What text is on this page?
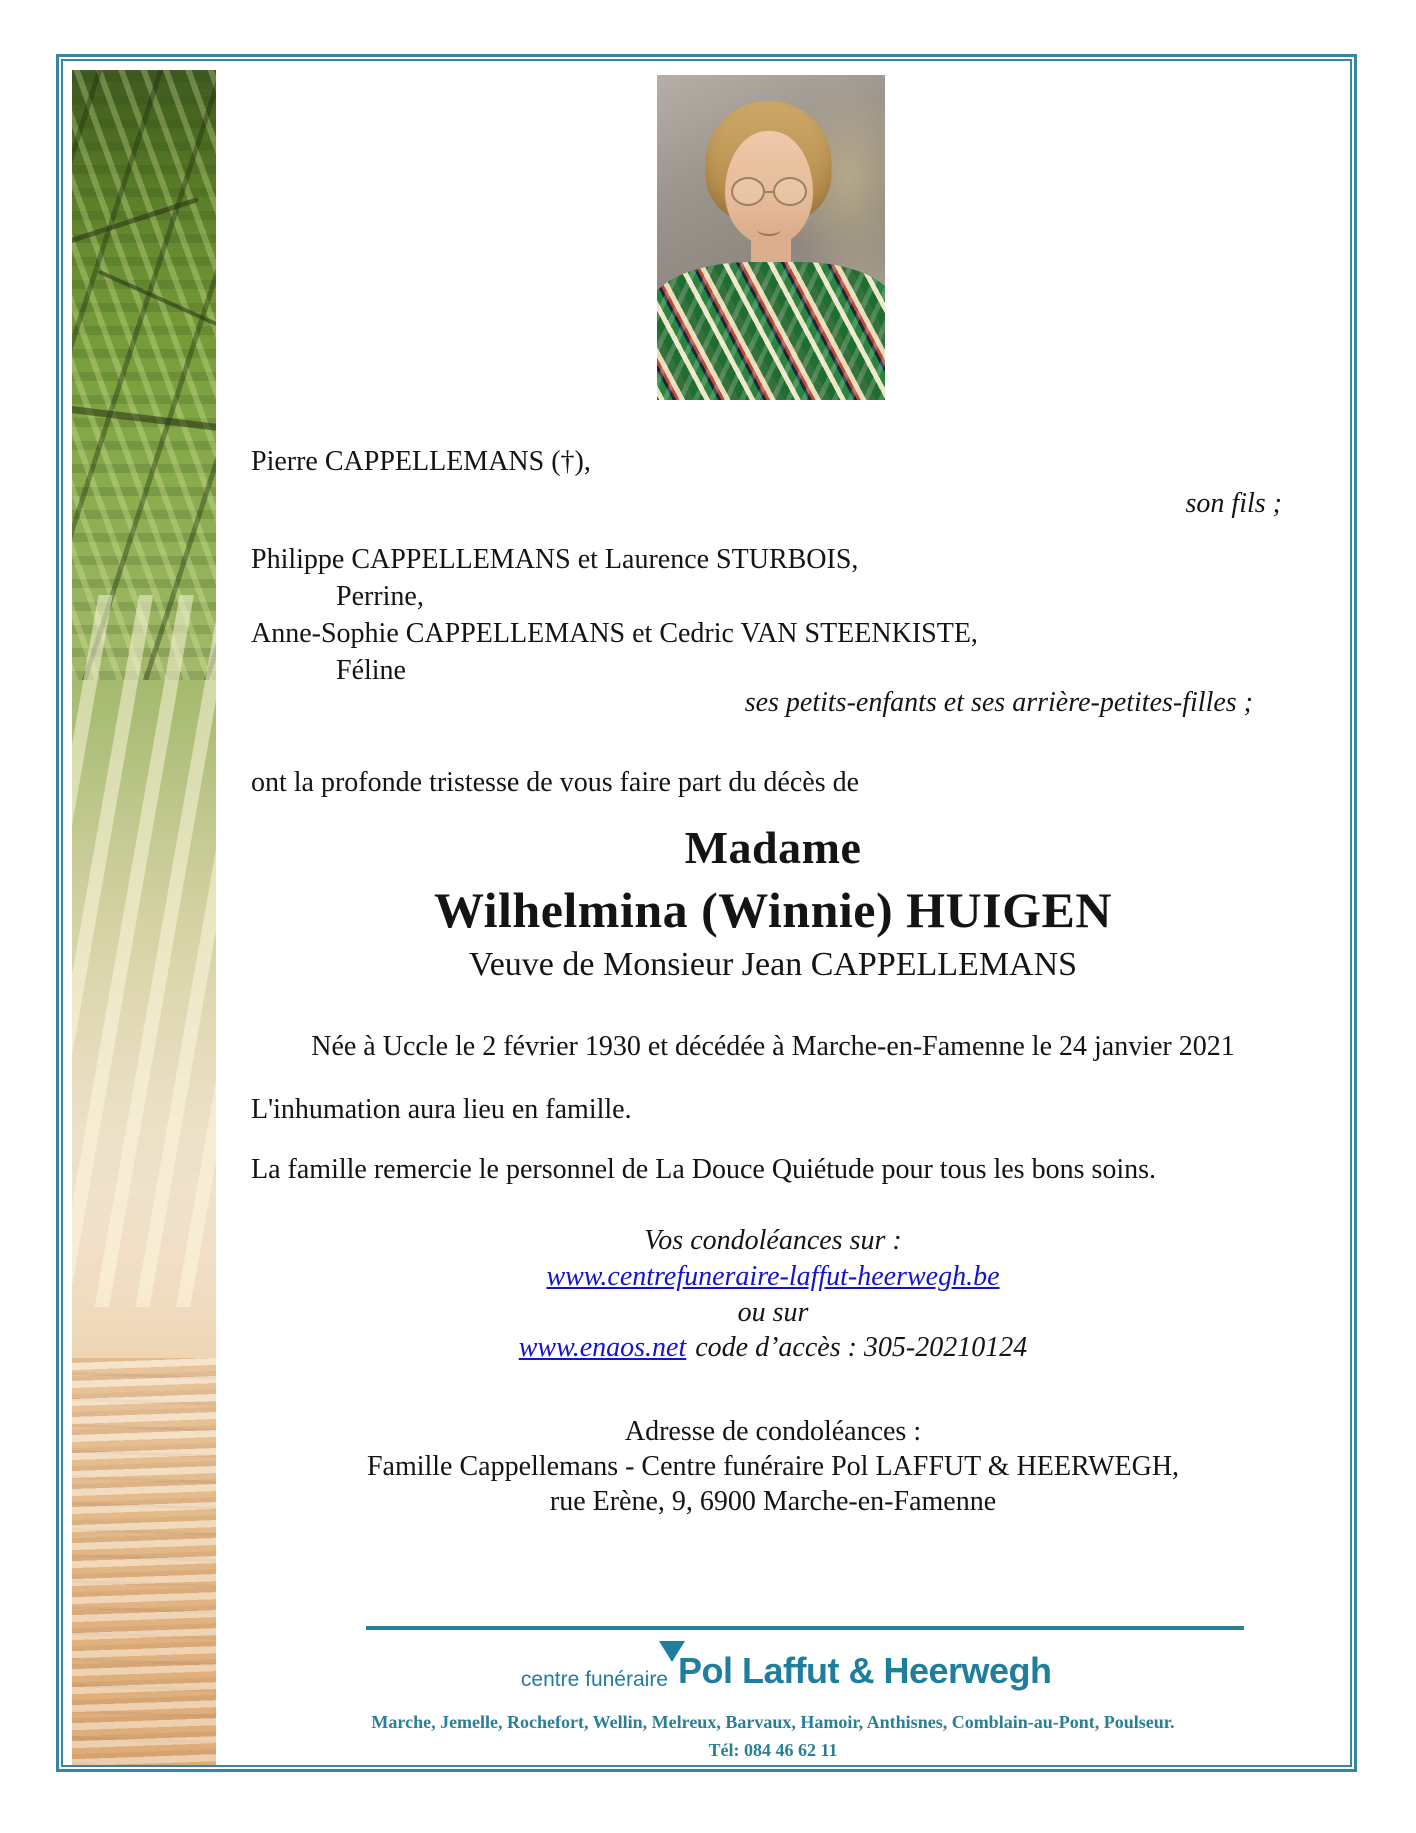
Pierre CAPPELLEMANS (†),
son fils ;
Philippe CAPPELLEMANS et Laurence STURBOIS,
Perrine,
Anne-Sophie CAPPELLEMANS et Cedric VAN STEENKISTE,
Féline
ses petits-enfants et ses arrière-petites-filles ;
ont la profonde tristesse de vous faire part du décès de
Madame
Wilhelmina (Winnie) HUIGEN
Veuve de Monsieur Jean CAPPELLEMANS
Née à Uccle le 2 février 1930 et décédée à Marche-en-Famenne le 24 janvier 2021
L'inhumation aura lieu en famille.
La famille remercie le personnel de La Douce Quiétude pour tous les bons soins.
Vos condoléances sur :
www.centrefuneraire-laffut-heerwegh.be
ou sur
www.enaos.net code d’accès : 305-20210124
Adresse de condoléances :
Famille Cappellemans - Centre funéraire Pol LAFFUT & HEERWEGH,
rue Erène, 9, 6900 Marche-en-Famenne
centre funéraire Pol Laffut & Heerwegh
Marche, Jemelle, Rochefort, Wellin, Melreux, Barvaux, Hamoir, Anthisnes, Comblain-au-Pont, Poulseur.
Tél: 084 46 62 11
